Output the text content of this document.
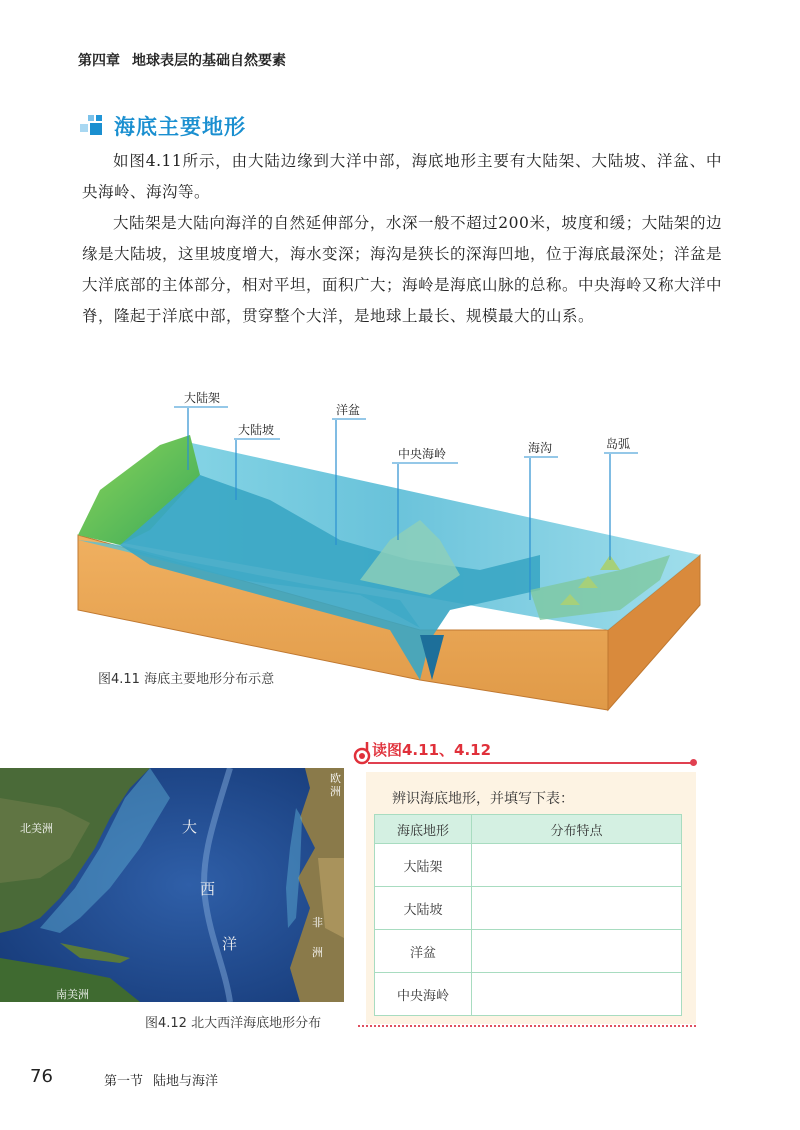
第四章 地球表层的基础自然要素
海底主要地形

如图4.11所示，由大陆边缘到大洋中部，海底地形主要有大陆架、大陆坡、洋盆、中央海岭、海沟等。

大陆架是大陆向海洋的自然延伸部分，水深一般不超过200米，坡度和缓；大陆架的边缘是大陆坡，这里坡度增大，海水变深；海沟是狭长的深海凹地，位于海底最深处；洋盆是大洋底部的主体部分，相对平坦，面积广大；海岭是海底山脉的总称。中央海岭又称大洋中脊，隆起于洋底中部，贯穿整个大洋，是地球上最长、规模最大的山系。

大陆架
大陆坡
洋盆
中央海岭	海沟	岛弧
图4.11 海底主要地形分布示意
北美洲
南美洲
欧洲
非洲
大
西
洋
图4.12 北大西洋海底地形分布
读图4.11、4.12
辨识海底地形，并填写下表：
海底地形	分布特点
大陆架	
大陆坡	
洋盆	
中央海岭	
76	第一节 陆地与海洋
